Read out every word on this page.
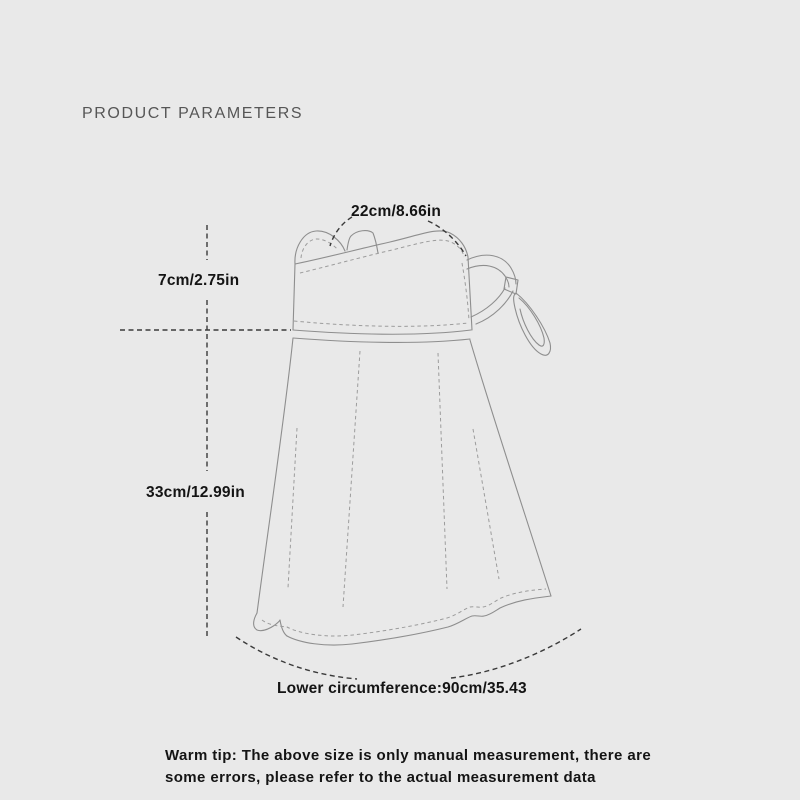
PRODUCT PARAMETERS
22cm/8.66in
7cm/2.75in
33cm/12.99in
Lower circumference:90cm/35.43
Warm tip: The above size is only manual measurement, there are
some errors, please refer to the actual measurement data
